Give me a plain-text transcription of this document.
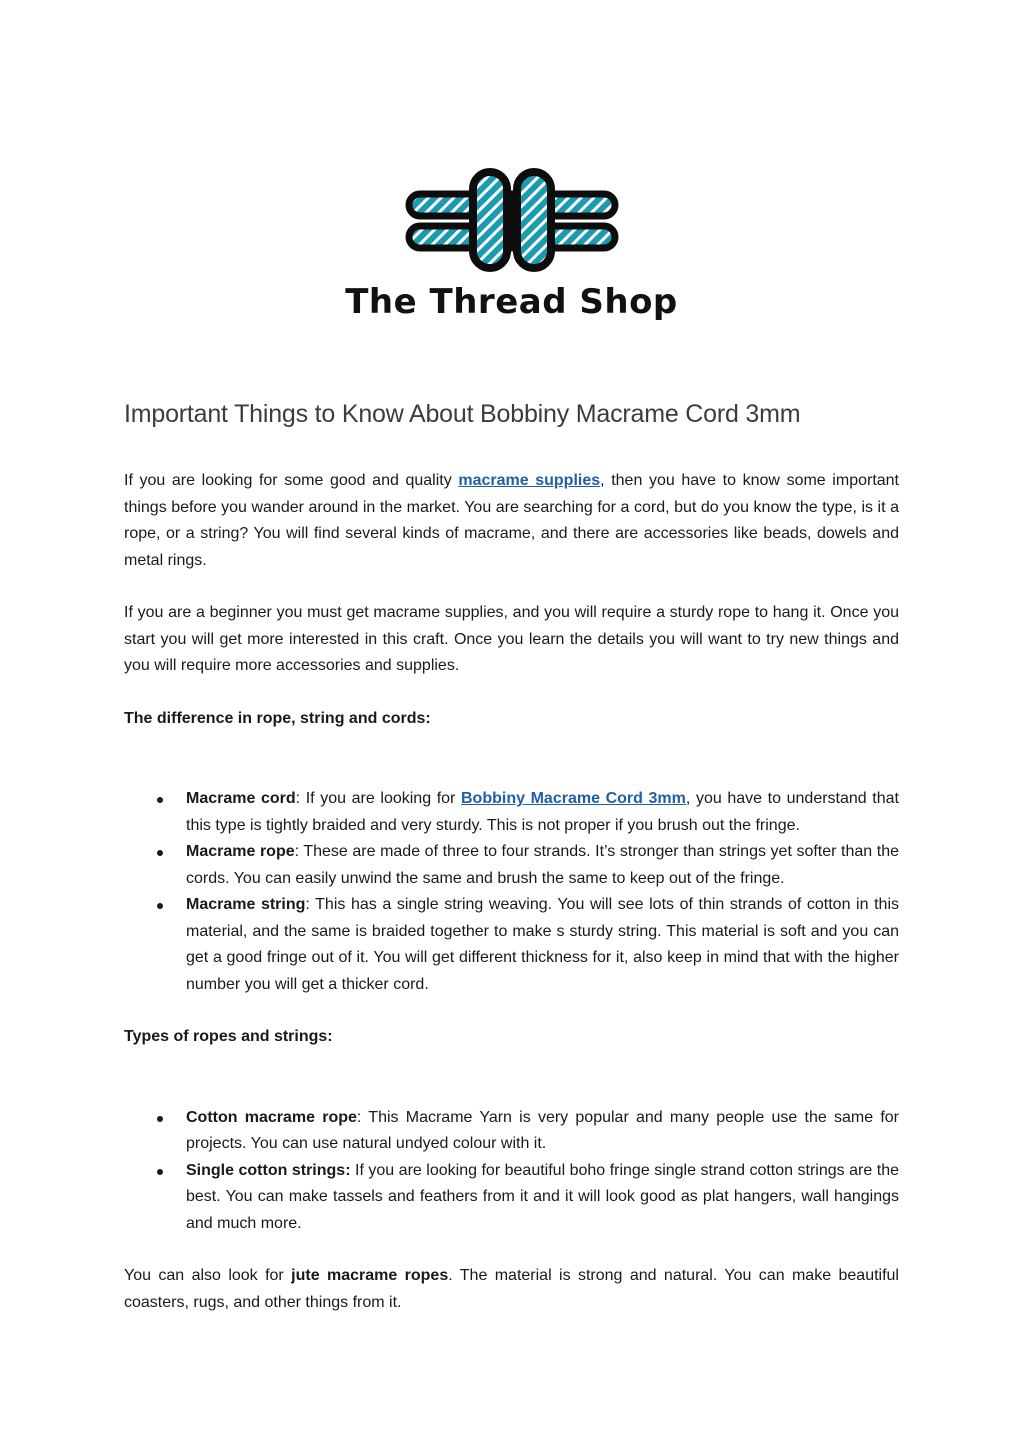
The Thread Shop
Important Things to Know About Bobbiny Macrame Cord 3mm

If you are looking for some good and quality macrame supplies, then you have to know some important things before you wander around in the market. You are searching for a cord, but do you know the type, is it a rope, or a string? You will find several kinds of macrame, and there are accessories like beads, dowels and metal rings.

If you are a beginner you must get macrame supplies, and you will require a sturdy rope to hang it. Once you start you will get more interested in this craft. Once you learn the details you will want to try new things and you will require more accessories and supplies.

The difference in rope, string and cords:

Macrame cord: If you are looking for Bobbiny Macrame Cord 3mm, you have to understand that this type is tightly braided and very sturdy. This is not proper if you brush out the fringe.
Macrame rope: These are made of three to four strands. It’s stronger than strings yet softer than the cords. You can easily unwind the same and brush the same to keep out of the fringe.
Macrame string: This has a single string weaving. You will see lots of thin strands of cotton in this material, and the same is braided together to make s sturdy string. This material is soft and you can get a good fringe out of it. You will get different thickness for it, also keep in mind that with the higher number you will get a thicker cord.

Types of ropes and strings:

Cotton macrame rope: This Macrame Yarn is very popular and many people use the same for projects. You can use natural undyed colour with it.
Single cotton strings: If you are looking for beautiful boho fringe single strand cotton strings are the best. You can make tassels and feathers from it and it will look good as plat hangers, wall hangings and much more.

You can also look for jute macrame ropes. The material is strong and natural. You can make beautiful coasters, rugs, and other things from it.
